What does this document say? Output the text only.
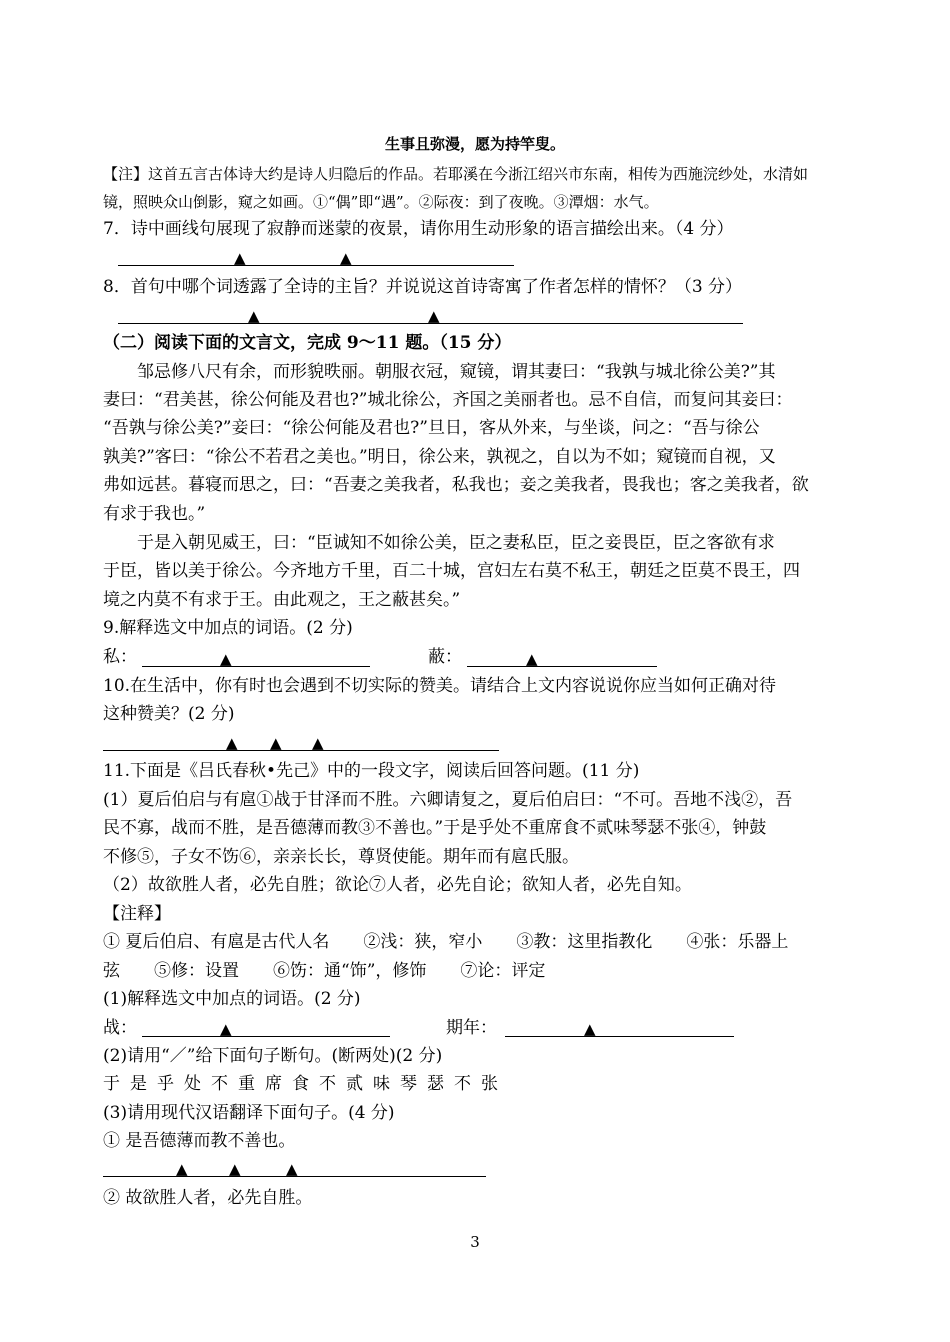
生事且弥漫，愿为持竿叟。
【注】这首五言古体诗大约是诗人归隐后的作品。若耶溪在今浙江绍兴市东南，相传为西施浣纱处，水清如
镜，照映众山倒影，窥之如画。①“偶”即“遇”。②际夜：到了夜晚。③潭烟：水气。
7．诗中画线句展现了寂静而迷蒙的夜景，请你用生动形象的语言描绘出来。（4 分）
▲	▲
8．首句中哪个词透露了全诗的主旨？并说说这首诗寄寓了作者怎样的情怀？（3 分）
▲	▲
（二）阅读下面的文言文，完成 9～11 题。（15 分）
邹忌修八尺有余，而形貌昳丽。朝服衣冠，窥镜，谓其妻曰：“我孰与城北徐公美?”其
妻曰：“君美甚，徐公何能及君也?”城北徐公，齐国之美丽者也。忌不自信，而复问其妾曰：
“吾孰与徐公美?”妾曰：“徐公何能及君也?”旦日，客从外来，与坐谈，问之：“吾与徐公
孰美?”客曰：“徐公不若君之美也。”明日，徐公来，孰视之，自以为不如；窥镜而自视，又
弗如远甚。暮寝而思之，曰：“吾妻之美我者，私我也；妾之美我者，畏我也；客之美我者，欲
有求于我也。”
于是入朝见威王，曰：“臣诚知不如徐公美，臣之妻私臣，臣之妾畏臣，臣之客欲有求
于臣，皆以美于徐公。今齐地方千里，百二十城，宫妇左右莫不私王，朝廷之臣莫不畏王，四
境之内莫不有求于王。由此观之，王之蔽甚矣。”
9.解释选文中加点的词语。(2 分)
私：	▲	蔽：	▲
10.在生活中，你有时也会遇到不切实际的赞美。请结合上文内容说说你应当如何正确对待
这种赞美？(2 分)
▲ ▲ ▲
11.下面是《吕氏春秋•先己》中的一段文字，阅读后回答问题。(11 分)
(1）夏后伯启与有扈①战于甘泽而不胜。六卿请复之，夏后伯启曰：“不可。吾地不浅②，吾
民不寡，战而不胜，是吾德薄而教③不善也。”于是乎处不重席食不贰味琴瑟不张④，钟鼓
不修⑤，子女不饬⑥，亲亲长长，尊贤使能。期年而有扈氏服。
（2）故欲胜人者，必先自胜；欲论⑦人者，必先自论；欲知人者，必先自知。
【注释】
① 夏后伯启、有扈是古代人名　　②浅：狭，窄小　　③教：这里指教化　　④张：乐器上
弦　　⑤修：设置　　⑥饬：通“饰”，修饰　　⑦论：评定
(1)解释选文中加点的词语。(2 分)
战：	▲	期年：	▲
(2)请用“／”给下面句子断句。(断两处)(2 分)
于是乎处不重席食不贰味琴瑟不张
(3)请用现代汉语翻译下面句子。(4 分)
① 是吾德薄而教不善也。
▲	▲	▲
② 故欲胜人者，必先自胜。
3
